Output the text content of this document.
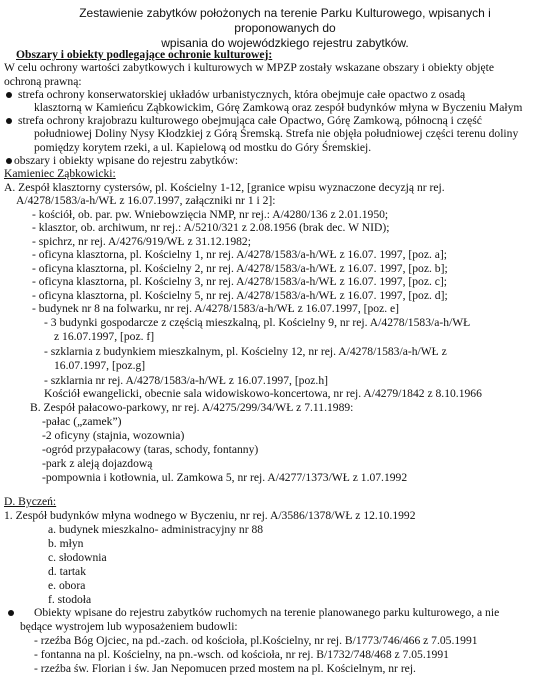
Zestawienie zabytków położonych na terenie Parku Kulturowego, wpisanych i proponowanych do
wpisania do wojewódzkiego rejestru zabytków.
Obszary i obiekty podlegające ochronie kulturowej:
W celu ochrony wartości zabytkowych i kulturowych w MPZP zostały wskazane obszary i obiekty objęte
ochroną prawną:
strefa ochrony konserwatorskiej układów urbanistycznych, która obejmuje całe opactwo z osadą
klasztorną w Kamieńcu Ząbkowickim, Górę Zamkową oraz zespół budynków młyna w Byczeniu Małym
strefa ochrony krajobrazu kulturowego obejmująca całe Opactwo, Górę Zamkową, północną i część
południowej Doliny Nysy Kłodzkiej z Górą Śremską. Strefa nie objęła południowej części terenu doliny
pomiędzy korytem rzeki, a ul. Kapielową od mostku do Góry Śremskiej.
obszary i obiekty wpisane do rejestru zabytków:
Kamieniec Ząbkowicki:
A. Zespół klasztorny cystersów, pl. Kościelny 1-12, [granice wpisu wyznaczone decyzją nr rej.
A/4278/1583/a-h/WŁ z 16.07.1997, załączniki nr 1 i 2]:
- kościół, ob. par. pw. Wniebowzięcia NMP, nr rej.: A/4280/136 z 2.01.1950;
- klasztor, ob. archiwum, nr rej.: A/5210/321 z 2.08.1956 (brak dec. W NID);
- spichrz, nr rej. A/4276/919/WŁ z 31.12.1982;
- oficyna klasztorna, pl. Kościelny 1, nr rej. A/4278/1583/a-h/WŁ z 16.07. 1997, [poz. a];
- oficyna klasztorna, pl. Kościelny 2, nr rej. A/4278/1583/a-h/WŁ z 16.07. 1997, [poz. b];
- oficyna klasztorna, pl. Kościelny 3, nr rej. A/4278/1583/a-h/WŁ z 16.07. 1997, [poz. c];
- oficyna klasztorna, pl. Kościelny 5, nr rej. A/4278/1583/a-h/WŁ z 16.07. 1997, [poz. d];
- budynek nr 8 na folwarku, nr rej. A/4278/1583/a-h/WŁ z 16.07.1997, [poz. e]
- 3 budynki gospodarcze z częścią mieszkalną, pl. Kościelny 9, nr rej. A/4278/1583/a-h/WŁ
z 16.07.1997, [poz. f]
- szklarnia z budynkiem mieszkalnym, pl. Kościelny 12, nr rej. A/4278/1583/a-h/WŁ z
16.07.1997, [poz.g]
- szklarnia nr rej. A/4278/1583/a-h/WŁ z 16.07.1997, [poz.h]
Kościół ewangelicki, obecnie sala widowiskowo-koncertowa, nr rej. A/4279/1842 z 8.10.1966
B. Zespół pałacowo-parkowy, nr rej. A/4275/299/34/WŁ z 7.11.1989:
-pałac („zamek”)
-2 oficyny (stajnia, wozownia)
-ogród przypałacowy (taras, schody, fontanny)
-park z aleją dojazdową
-pompownia i kotłownia, ul. Zamkowa 5, nr rej. A/4277/1373/WŁ z 1.07.1992
D. Byczeń:
1. Zespół budynków młyna wodnego w Byczeniu, nr rej. A/3586/1378/WŁ z 12.10.1992
a. budynek mieszkalno- administracyjny nr 88
b. młyn
c. słodownia
d. tartak
e. obora
f. stodoła
Obiekty wpisane do rejestru zabytków ruchomych na terenie planowanego parku kulturowego, a nie
będące wystrojem lub wyposażeniem budowli:
- rzeźba Bóg Ojciec, na pd.-zach. od kościoła, pl.Kościelny, nr rej. B/1773/746/466 z 7.05.1991
- fontanna na pl. Kościelny, na pn.-wsch. od kościoła, nr rej. B/1732/748/468 z 7.05.1991
- rzeźba św. Florian i św. Jan Nepomucen przed mostem na pl. Kościelnym, nr rej.
